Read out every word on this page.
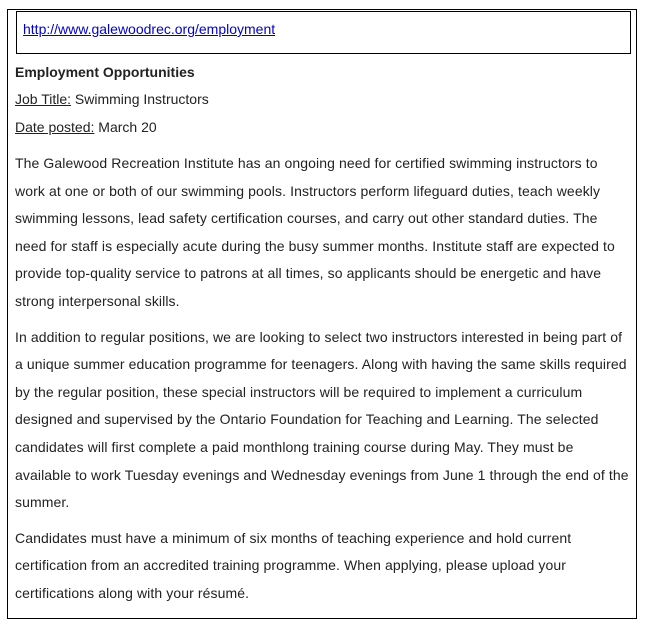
http://www.galewoodrec.org/employment
Employment Opportunities
Job Title: Swimming Instructors
Date posted: March 20

The Galewood Recreation Institute has an ongoing need for certified swimming instructors to work at one or both of our swimming pools. Instructors perform lifeguard duties, teach weekly swimming lessons, lead safety certification courses, and carry out other standard duties. The need for staff is especially acute during the busy summer months. Institute staff are expected to provide top-quality service to patrons at all times, so applicants should be energetic and have strong interpersonal skills.

In addition to regular positions, we are looking to select two instructors interested in being part of a unique summer education programme for teenagers. Along with having the same skills required by the regular position, these special instructors will be required to implement a curriculum designed and supervised by the Ontario Foundation for Teaching and Learning. The selected candidates will first complete a paid monthlong training course during May. They must be available to work Tuesday evenings and Wednesday evenings from June 1 through the end of the summer.

Candidates must have a minimum of six months of teaching experience and hold current certification from an accredited training programme. When applying, please upload your certifications along with your résumé.
